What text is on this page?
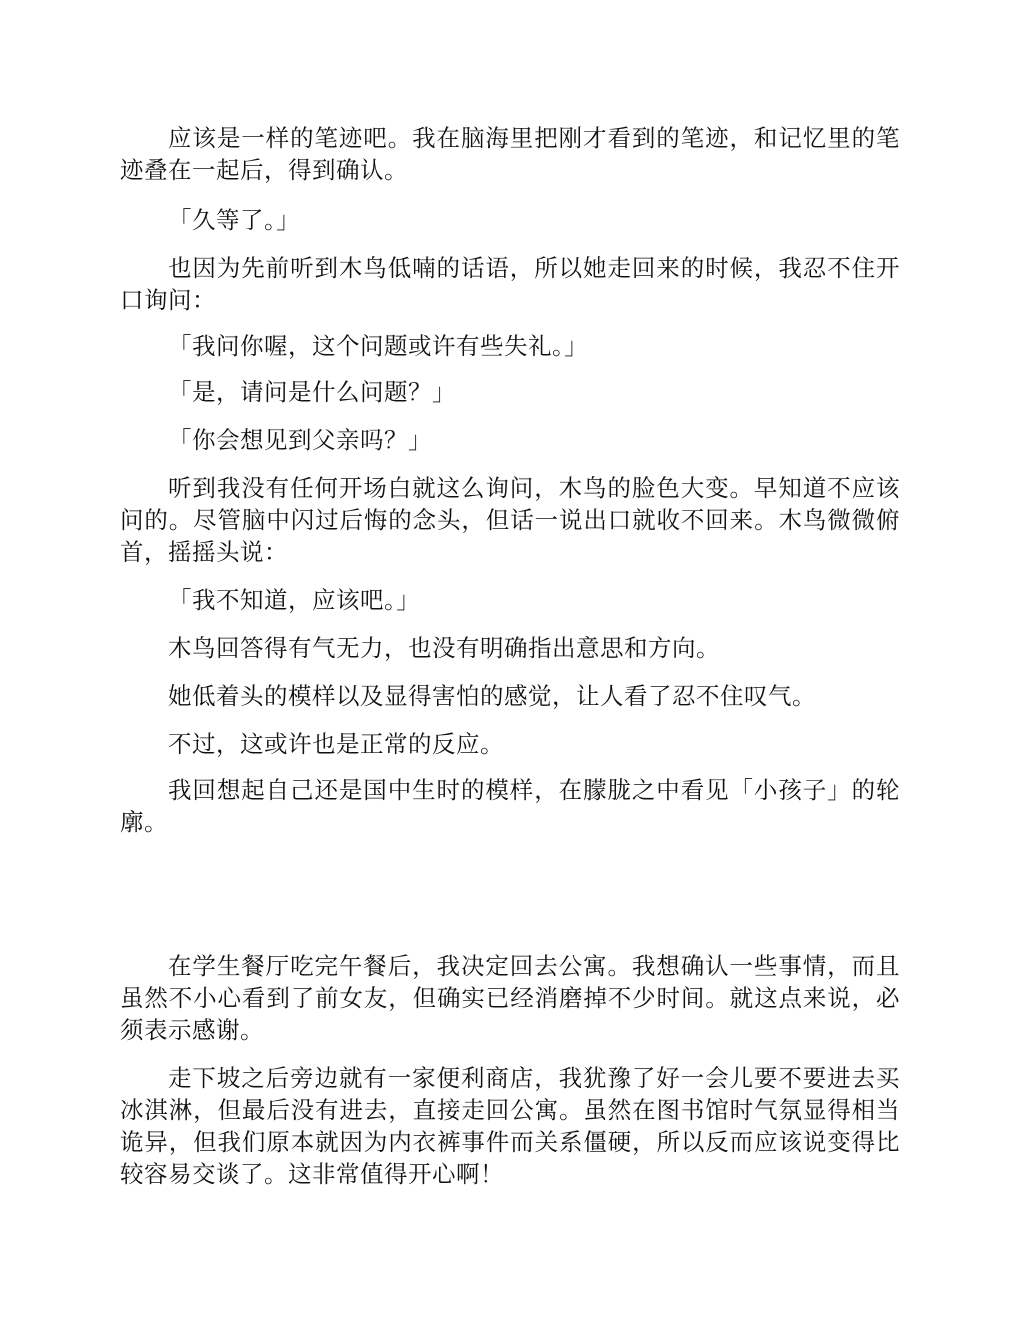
应该是一样的笔迹吧。我在脑海里把刚才看到的笔迹，和记忆里的笔迹叠在一起后，得到确认。

「久等了。」

也因为先前听到木鸟低喃的话语，所以她走回来的时候，我忍不住开口询问：

「我问你喔，这个问题或许有些失礼。」

「是，请问是什么问题？」

「你会想见到父亲吗？」

听到我没有任何开场白就这么询问，木鸟的脸色大变。早知道不应该问的。尽管脑中闪过后悔的念头，但话一说出口就收不回来。木鸟微微俯首，摇摇头说：

「我不知道，应该吧。」

木鸟回答得有气无力，也没有明确指出意思和方向。

她低着头的模样以及显得害怕的感觉，让人看了忍不住叹气。

不过，这或许也是正常的反应。

我回想起自己还是国中生时的模样，在朦胧之中看见「小孩子」的轮廓。

在学生餐厅吃完午餐后，我决定回去公寓。我想确认一些事情，而且虽然不小心看到了前女友，但确实已经消磨掉不少时间。就这点来说，必须表示感谢。

走下坡之后旁边就有一家便利商店，我犹豫了好一会儿要不要进去买冰淇淋，但最后没有进去，直接走回公寓。虽然在图书馆时气氛显得相当诡异，但我们原本就因为内衣裤事件而关系僵硬，所以反而应该说变得比较容易交谈了。这非常值得开心啊！
